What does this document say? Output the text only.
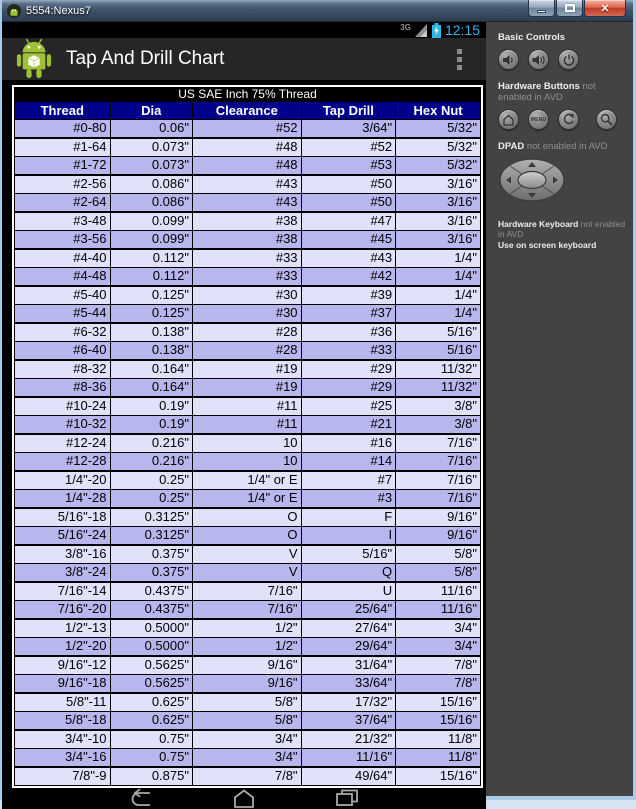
5554:Nexus7	✕
3G 12:15
Tap And Drill Chart
US SAE Inch 75% Thread
Thread	Dia	Clearance	Tap Drill	Hex Nut
#0-80	0.06"	#52	3/64"	5/32"
#1-64	0.073"	#48	#52	5/32"
#1-72	0.073"	#48	#53	5/32"
#2-56	0.086"	#43	#50	3/16"
#2-64	0.086"	#43	#50	3/16"
#3-48	0.099"	#38	#47	3/16"
#3-56	0.099"	#38	#45	3/16"
#4-40	0.112"	#33	#43	1/4"
#4-48	0.112"	#33	#42	1/4"
#5-40	0.125"	#30	#39	1/4"
#5-44	0.125"	#30	#37	1/4"
#6-32	0.138"	#28	#36	5/16"
#6-40	0.138"	#28	#33	5/16"
#8-32	0.164"	#19	#29	11/32"
#8-36	0.164"	#19	#29	11/32"
#10-24	0.19"	#11	#25	3/8"
#10-32	0.19"	#11	#21	3/8"
#12-24	0.216"	10	#16	7/16"
#12-28	0.216"	10	#14	7/16"
1/4"-20	0.25"	1/4" or E	#7	7/16"
1/4"-28	0.25"	1/4" or E	#3	7/16"
5/16"-18	0.3125"	O	F	9/16"
5/16"-24	0.3125"	O	I	9/16"
3/8"-16	0.375"	V	5/16"	5/8"
3/8"-24	0.375"	V	Q	5/8"
7/16"-14	0.4375"	7/16"	U	11/16"
7/16"-20	0.4375"	7/16"	25/64"	11/16"
1/2"-13	0.5000"	1/2"	27/64"	3/4"
1/2"-20	0.5000"	1/2"	29/64"	3/4"
9/16"-12	0.5625"	9/16"	31/64"	7/8"
9/16"-18	0.5625"	9/16"	33/64"	7/8"
5/8"-11	0.625"	5/8"	17/32"	15/16"
5/8"-18	0.625"	5/8"	37/64"	15/16"
3/4"-10	0.75"	3/4"	21/32"	11/8"
3/4"-16	0.75"	3/4"	11/16"	11/8"
7/8"-9	0.875"	7/8"	49/64"	15/16"
Basic Controls
Hardware Buttons not enabled in AVD
MENU
DPAD not enabled in AVD
Hardware Keyboard not enabled in AVD
Use on screen keyboard
